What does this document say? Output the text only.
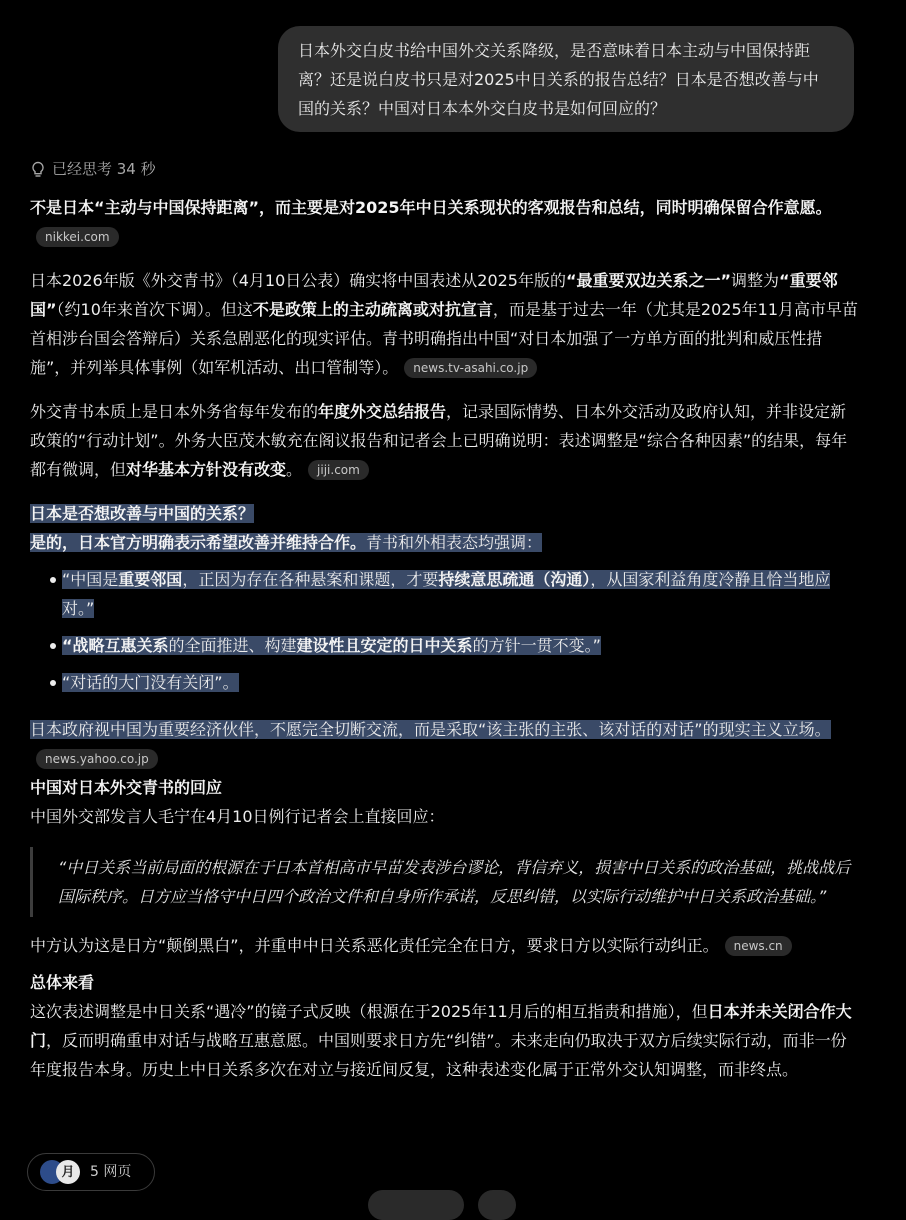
日本外交白皮书给中国外交关系降级，是否意味着日本主动与中国保持距离？还是说白皮书只是对2025中日关系的报告总结？日本是否想改善与中国的关系？中国对日本本外交白皮书是如何回应的？
已经思考 34 秒

不是日本“主动与中国保持距离”，而主要是对2025年中日关系现状的客观报告和总结，同时明确保留合作意愿。nikkei.com

日本2026年版《外交青书》（4月10日公表）确实将中国表述从2025年版的“最重要双边关系之一”调整为“重要邻国”（约10年来首次下调）。但这不是政策上的主动疏离或对抗宣言，而是基于过去一年（尤其是2025年11月高市早苗首相涉台国会答辩后）关系急剧恶化的现实评估。青书明确指出中国“对日本加强了一方单方面的批判和威压性措施”，并列举具体事例（如军机活动、出口管制等）。 news.tv-asahi.co.jp

外交青书本质上是日本外务省每年发布的年度外交总结报告，记录国际情势、日本外交活动及政府认知，并非设定新政策的“行动计划”。外务大臣茂木敏充在阁议报告和记者会上已明确说明：表述调整是“综合各种因素”的结果，每年都有微调，但对华基本方针没有改变。 jiji.com

日本是否想改善与中国的关系？

是的，日本官方明确表示希望改善并维持合作。青书和外相表态均强调：

“中国是重要邻国，正因为存在各种悬案和课题，才要持续意思疏通（沟通），从国家利益角度冷静且恰当地应对。”
“战略互惠关系的全面推进、构建建设性且安定的日中关系的方针一贯不变。”
“对话的大门没有关闭”。

日本政府视中国为重要经济伙伴，不愿完全切断交流，而是采取“该主张的主张、该对话的对话”的现实主义立场。news.yahoo.co.jp

中国对日本外交青书的回应

中国外交部发言人毛宁在4月10日例行记者会上直接回应：

“中日关系当前局面的根源在于日本首相高市早苗发表涉台谬论，背信弃义，损害中日关系的政治基础，挑战战后国际秩序。日方应当恪守中日四个政治文件和自身所作承诺，反思纠错，以实际行动维护中日关系政治基础。”

中方认为这是日方“颠倒黑白”，并重申中日关系恶化责任完全在日方，要求日方以实际行动纠正。 news.cn

总体来看

这次表述调整是中日关系“遇冷”的镜子式反映（根源在于2025年11月后的相互指责和措施），但日本并未关闭合作大门，反而明确重申对话与战略互惠意愿。中国则要求日方先“纠错”。未来走向仍取决于双方后续实际行动，而非一份年度报告本身。历史上中日关系多次在对立与接近间反复，这种表述变化属于正常外交认知调整，而非终点。

月	5 网页
